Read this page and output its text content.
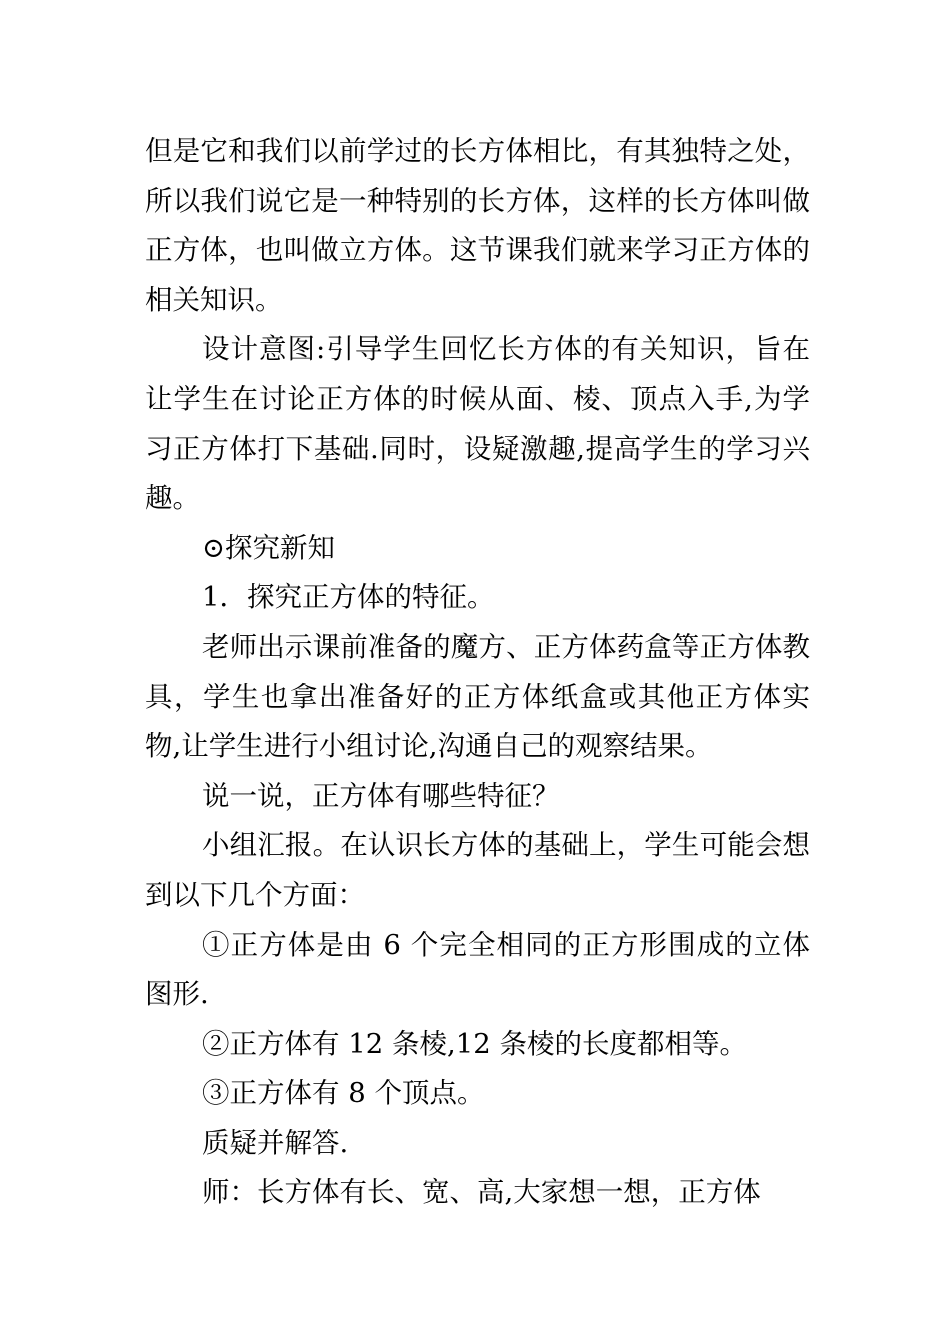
但是它和我们以前学过的长方体相比，有其独特之处，所以我们说它是一种特别的长方体，这样的长方体叫做正方体，也叫做立方体。这节课我们就来学习正方体的相关知识。

设计意图:引导学生回忆长方体的有关知识，旨在让学生在讨论正方体的时候从面、棱、顶点入手,为学习正方体打下基础.同时，设疑激趣,提高学生的学习兴趣。

⊙探究新知

1．探究正方体的特征。

老师出示课前准备的魔方、正方体药盒等正方体教具，学生也拿出准备好的正方体纸盒或其他正方体实物,让学生进行小组讨论,沟通自己的观察结果。

说一说，正方体有哪些特征？

小组汇报。在认识长方体的基础上，学生可能会想到以下几个方面：

①正方体是由 6 个完全相同的正方形围成的立体图形.

②正方体有 12 条棱,12 条棱的长度都相等。

③正方体有 8 个顶点。

质疑并解答.

师：长方体有长、宽、高,大家想一想，正方体
